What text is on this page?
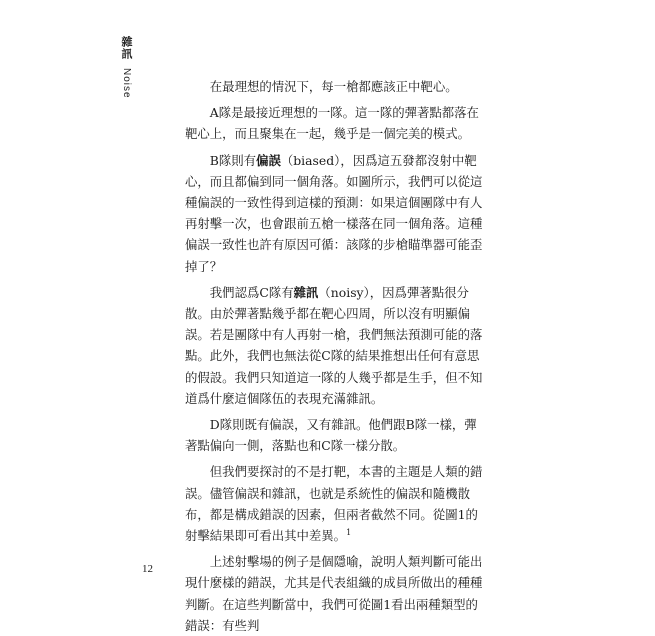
雜訊 Noise	在最理想的情況下，每一槍都應該正中靶心。

A隊是最接近理想的一隊。這一隊的彈著點都落在靶心上，而且聚集在一起，幾乎是一個完美的模式。

B隊則有偏誤（biased），因爲這五發都沒射中靶心，而且都偏到同一個角落。如圖所示，我們可以從這種偏誤的一致性得到這樣的預測：如果這個團隊中有人再射擊一次，也會跟前五槍一樣落在同一個角落。這種偏誤一致性也許有原因可循：該隊的步槍瞄準器可能歪掉了？

我們認爲C隊有雜訊（noisy），因爲彈著點很分散。由於彈著點幾乎都在靶心四周，所以沒有明顯偏誤。若是團隊中有人再射一槍，我們無法預測可能的落點。此外，我們也無法從C隊的結果推想出任何有意思的假設。我們只知道這一隊的人幾乎都是生手，但不知道爲什麼這個隊伍的表現充滿雜訊。

D隊則既有偏誤，又有雜訊。他們跟B隊一樣，彈著點偏向一側，落點也和C隊一樣分散。

但我們要探討的不是打靶，本書的主題是人類的錯誤。儘管偏誤和雜訊，也就是系統性的偏誤和隨機散布，都是構成錯誤的因素，但兩者截然不同。從圖1的射擊結果即可看出其中差異。$^1$

上述射擊場的例子是個隱喻，說明人類判斷可能出現什麼樣的錯誤，尤其是代表組織的成員所做出的種種判斷。在這些判斷當中，我們可從圖1看出兩種類型的錯誤：有些判

12
